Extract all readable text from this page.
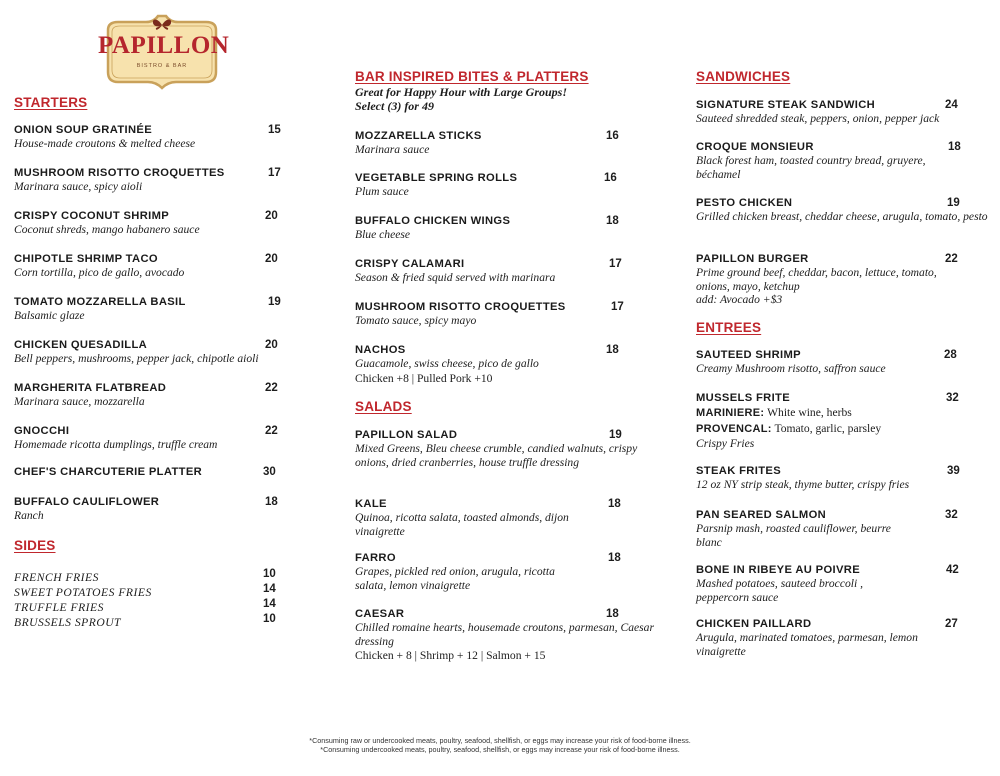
PAPILLON
BISTRO & BAR
STARTERS
ONION SOUP GRATINÉE	15
House-made croutons & melted cheese
MUSHROOM RISOTTO CROQUETTES	17
Marinara sauce, spicy aioli
CRISPY COCONUT SHRIMP	20
Coconut shreds, mango habanero sauce
CHIPOTLE SHRIMP TACO	20
Corn tortilla, pico de gallo, avocado
TOMATO MOZZARELLA BASIL	19
Balsamic glaze
CHICKEN QUESADILLA	20
Bell peppers, mushrooms, pepper jack, chipotle aioli
MARGHERITA FLATBREAD	22
Marinara sauce, mozzarella
GNOCCHI	22
Homemade ricotta dumplings, truffle cream
CHEF'S CHARCUTERIE PLATTER	30
BUFFALO CAULIFLOWER	18
Ranch
SIDES
FRENCH FRIES	10
SWEET POTATOES FRIES	14
TRUFFLE FRIES	14
BRUSSELS SPROUT	10
BAR INSPIRED BITES & PLATTERS
Great for Happy Hour with Large Groups!
Select (3) for 49
MOZZARELLA STICKS	16
Marinara sauce
VEGETABLE SPRING ROLLS	16
Plum sauce
BUFFALO CHICKEN WINGS	18
Blue cheese
CRISPY CALAMARI	17
Season & fried squid served with marinara
MUSHROOM RISOTTO CROQUETTES	17
Tomato sauce, spicy mayo
NACHOS	18
Guacamole, swiss cheese, pico de gallo
Chicken +8 | Pulled Pork +10
SALADS
PAPILLON SALAD	19
Mixed Greens, Bleu cheese crumble, candied walnuts, crispy onions, dried cranberries, house truffle dressing
KALE	18
Quinoa, ricotta salata, toasted almonds, dijon vinaigrette
FARRO	18
Grapes, pickled red onion, arugula, ricotta salata, lemon vinaigrette
CAESAR	18
Chilled romaine hearts, housemade croutons, parmesan, Caesar dressing
Chicken + 8 | Shrimp + 12 | Salmon + 15
SANDWICHES
SIGNATURE STEAK SANDWICH	24
Sauteed shredded steak, peppers, onion, pepper jack
CROQUE MONSIEUR	18
Black forest ham, toasted country bread, gruyere, béchamel
PESTO CHICKEN	19
Grilled chicken breast, cheddar cheese, arugula, tomato, pesto
PAPILLON BURGER	22
Prime ground beef, cheddar, bacon, lettuce, tomato, onions, mayo, ketchup
add: Avocado +$3
ENTREES
SAUTEED SHRIMP	28
Creamy Mushroom risotto, saffron sauce
MUSSELS FRITE	32
MARINIERE: White wine, herbs
PROVENCAL: Tomato, garlic, parsley
Crispy Fries
STEAK FRITES	39
12 oz NY strip steak, thyme butter, crispy fries
PAN SEARED SALMON	32
Parsnip mash, roasted cauliflower, beurre blanc
BONE IN RIBEYE AU POIVRE	42
Mashed potatoes, sauteed broccoli , peppercorn sauce
CHICKEN PAILLARD	27
Arugula, marinated tomatoes, parmesan, lemon vinaigrette
*Consuming raw or undercooked meats, poultry, seafood, shellfish, or eggs may increase your risk of food-borne illness.
*Consuming undercooked meats, poultry, seafood, shellfish, or eggs may increase your risk of food-borne illness.
